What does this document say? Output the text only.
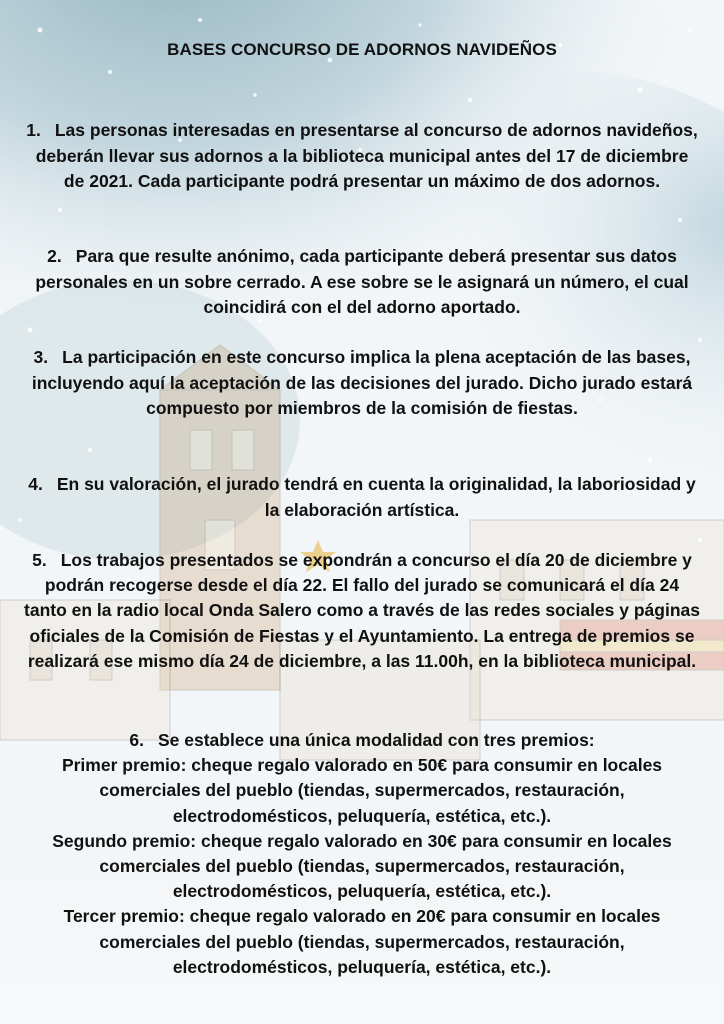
BASES CONCURSO DE ADORNOS NAVIDEÑOS
1. Las personas interesadas en presentarse al concurso de adornos navideños, deberán llevar sus adornos a la biblioteca municipal antes del 17 de diciembre de 2021. Cada participante podrá presentar un máximo de dos adornos.
2. Para que resulte anónimo, cada participante deberá presentar sus datos personales en un sobre cerrado. A ese sobre se le asignará un número, el cual coincidirá con el del adorno aportado.
3. La participación en este concurso implica la plena aceptación de las bases, incluyendo aquí la aceptación de las decisiones del jurado. Dicho jurado estará compuesto por miembros de la comisión de fiestas.
4. En su valoración, el jurado tendrá en cuenta la originalidad, la laboriosidad y la elaboración artística.
5. Los trabajos presentados se expondrán a concurso el día 20 de diciembre y podrán recogerse desde el día 22. El fallo del jurado se comunicará el día 24 tanto en la radio local Onda Salero como a través de las redes sociales y páginas oficiales de la Comisión de Fiestas y el Ayuntamiento. La entrega de premios se realizará ese mismo día 24 de diciembre, a las 11.00h, en la biblioteca municipal.
6. Se establece una única modalidad con tres premios:
Primer premio: cheque regalo valorado en 50€ para consumir en locales comerciales del pueblo (tiendas, supermercados, restauración, electrodomésticos, peluquería, estética, etc.).
Segundo premio: cheque regalo valorado en 30€ para consumir en locales comerciales del pueblo (tiendas, supermercados, restauración, electrodomésticos, peluquería, estética, etc.).
Tercer premio: cheque regalo valorado en 20€ para consumir en locales comerciales del pueblo (tiendas, supermercados, restauración, electrodomésticos, peluquería, estética, etc.).
